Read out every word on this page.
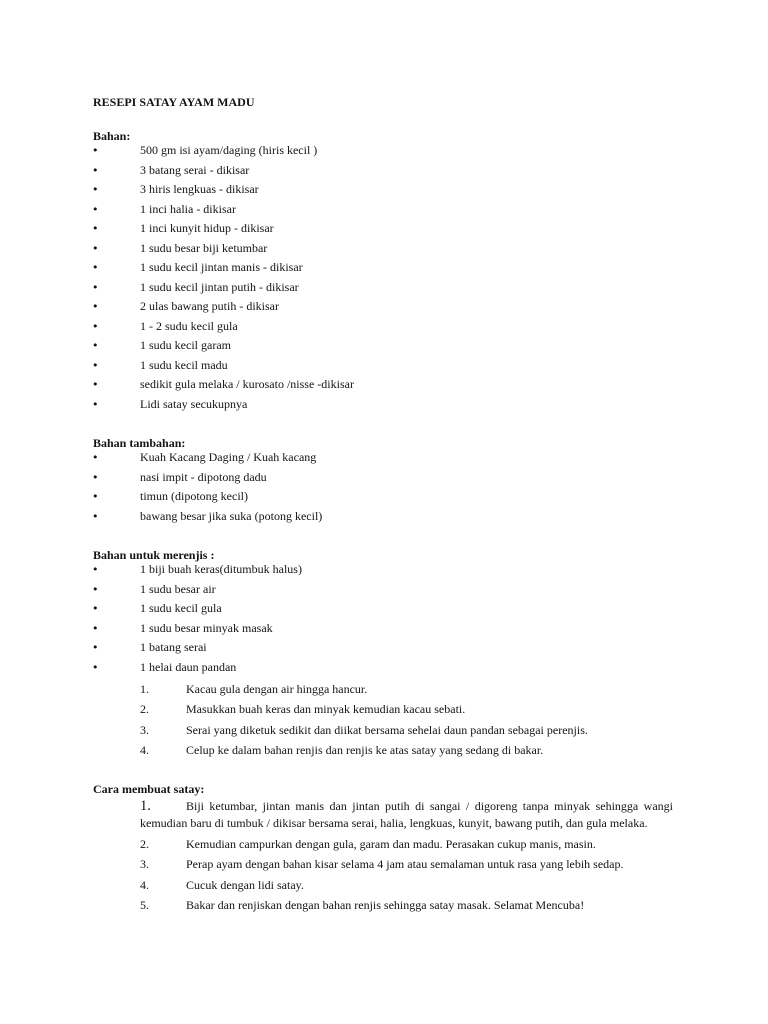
RESEPI SATAY AYAM MADU
Bahan:
•	500 gm isi ayam/daging (hiris kecil )
•	3 batang serai - dikisar
•	3 hiris lengkuas - dikisar
•	1 inci halia - dikisar
•	1 inci kunyit hidup - dikisar
•	1 sudu besar biji ketumbar
•	1 sudu kecil jintan manis - dikisar
•	1 sudu kecil jintan putih - dikisar
•	2 ulas bawang putih - dikisar
•	1 - 2 sudu kecil gula
•	1 sudu kecil garam
•	1 sudu kecil madu
•	sedikit gula melaka / kurosato /nisse -dikisar
•	Lidi satay secukupnya
Bahan tambahan:
•	Kuah Kacang Daging / Kuah kacang
•	nasi impit - dipotong dadu
•	timun (dipotong kecil)
•	bawang besar jika suka (potong kecil)
Bahan untuk merenjis :
•	1 biji buah keras(ditumbuk halus)
•	1 sudu besar air
•	1 sudu kecil gula
•	1 sudu besar minyak masak
•	1 batang serai
•	1 helai daun pandan
1.	Kacau gula dengan air hingga hancur.
2.	Masukkan buah keras dan minyak kemudian kacau sebati.
3.	Serai yang diketuk sedikit dan diikat bersama sehelai daun pandan sebagai perenjis.
4.	Celup ke dalam bahan renjis dan renjis ke atas satay yang sedang di bakar.
Cara membuat satay:
1.	Biji ketumbar, jintan manis dan jintan putih di sangai / digoreng tanpa minyak sehingga wangi
kemudian baru di tumbuk / dikisar bersama serai, halia, lengkuas, kunyit, bawang putih, dan gula melaka.
2.	Kemudian campurkan dengan gula, garam dan madu. Perasakan cukup manis, masin.
3.	Perap ayam dengan bahan kisar selama 4 jam atau semalaman untuk rasa yang lebih sedap.
4.	Cucuk dengan lidi satay.
5.	Bakar dan renjiskan dengan bahan renjis sehingga satay masak. Selamat Mencuba!
